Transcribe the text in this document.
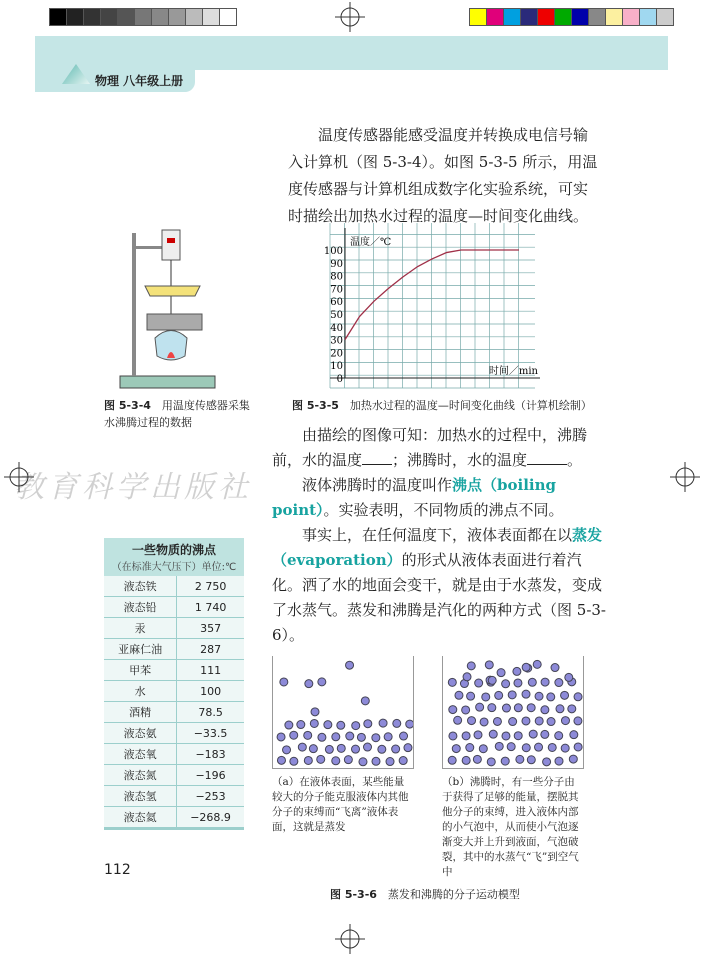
物理 八年级上册
温度传感器能感受温度并转换成电信号输入计算机（图 5-3-4）。如图 5-3-5 所示，用温度传感器与计算机组成数字化实验系统，可实时描绘出加热水过程的温度—时间变化曲线。
图 5-3-4　 用温度传感器采集水沸腾过程的数据
教育科学出版社
0
10
20
30
40
50
60
70
80
90
100
温度／℃
时间／min
图 5-3-5　 加热水过程的温度—时间变化曲线（计算机绘制）

由描绘的图像可知：加热水的过程中，沸腾前，水的温度 ；沸腾时，水的温度	。

液体沸腾时的温度叫作沸点（boiling point）。实验表明，不同物质的沸点不同。

事实上，在任何温度下，液体表面都在以蒸发（evaporation）的形式从液体表面进行着汽化。洒了水的地面会变干，就是由于水蒸发，变成了水蒸气。蒸发和沸腾是汽化的两种方式（图 5-3-6）。

（a）在液体表面，某些能量较大的分子能克服液体内其他分子的束缚而“飞离”液体表面，这就是蒸发
（b）沸腾时，有一些分子由于获得了足够的能量，摆脱其他分子的束缚，进入液体内部的小气泡中，从而使小气泡逐渐变大并上升到液面，气泡破裂，其中的水蒸气“飞”到空气中
图 5-3-6　 蒸发和沸腾的分子运动模型
一些物质的沸点
（在标准大气压下）单位:℃
液态铁	2 750
液态铅	1 740
汞	357
亚麻仁油	287
甲苯	111
水	100
酒精	78.5
液态氨	−33.5
液态氧	−183
液态氮	−196
液态氢	−253
液态氦	−268.9
112
